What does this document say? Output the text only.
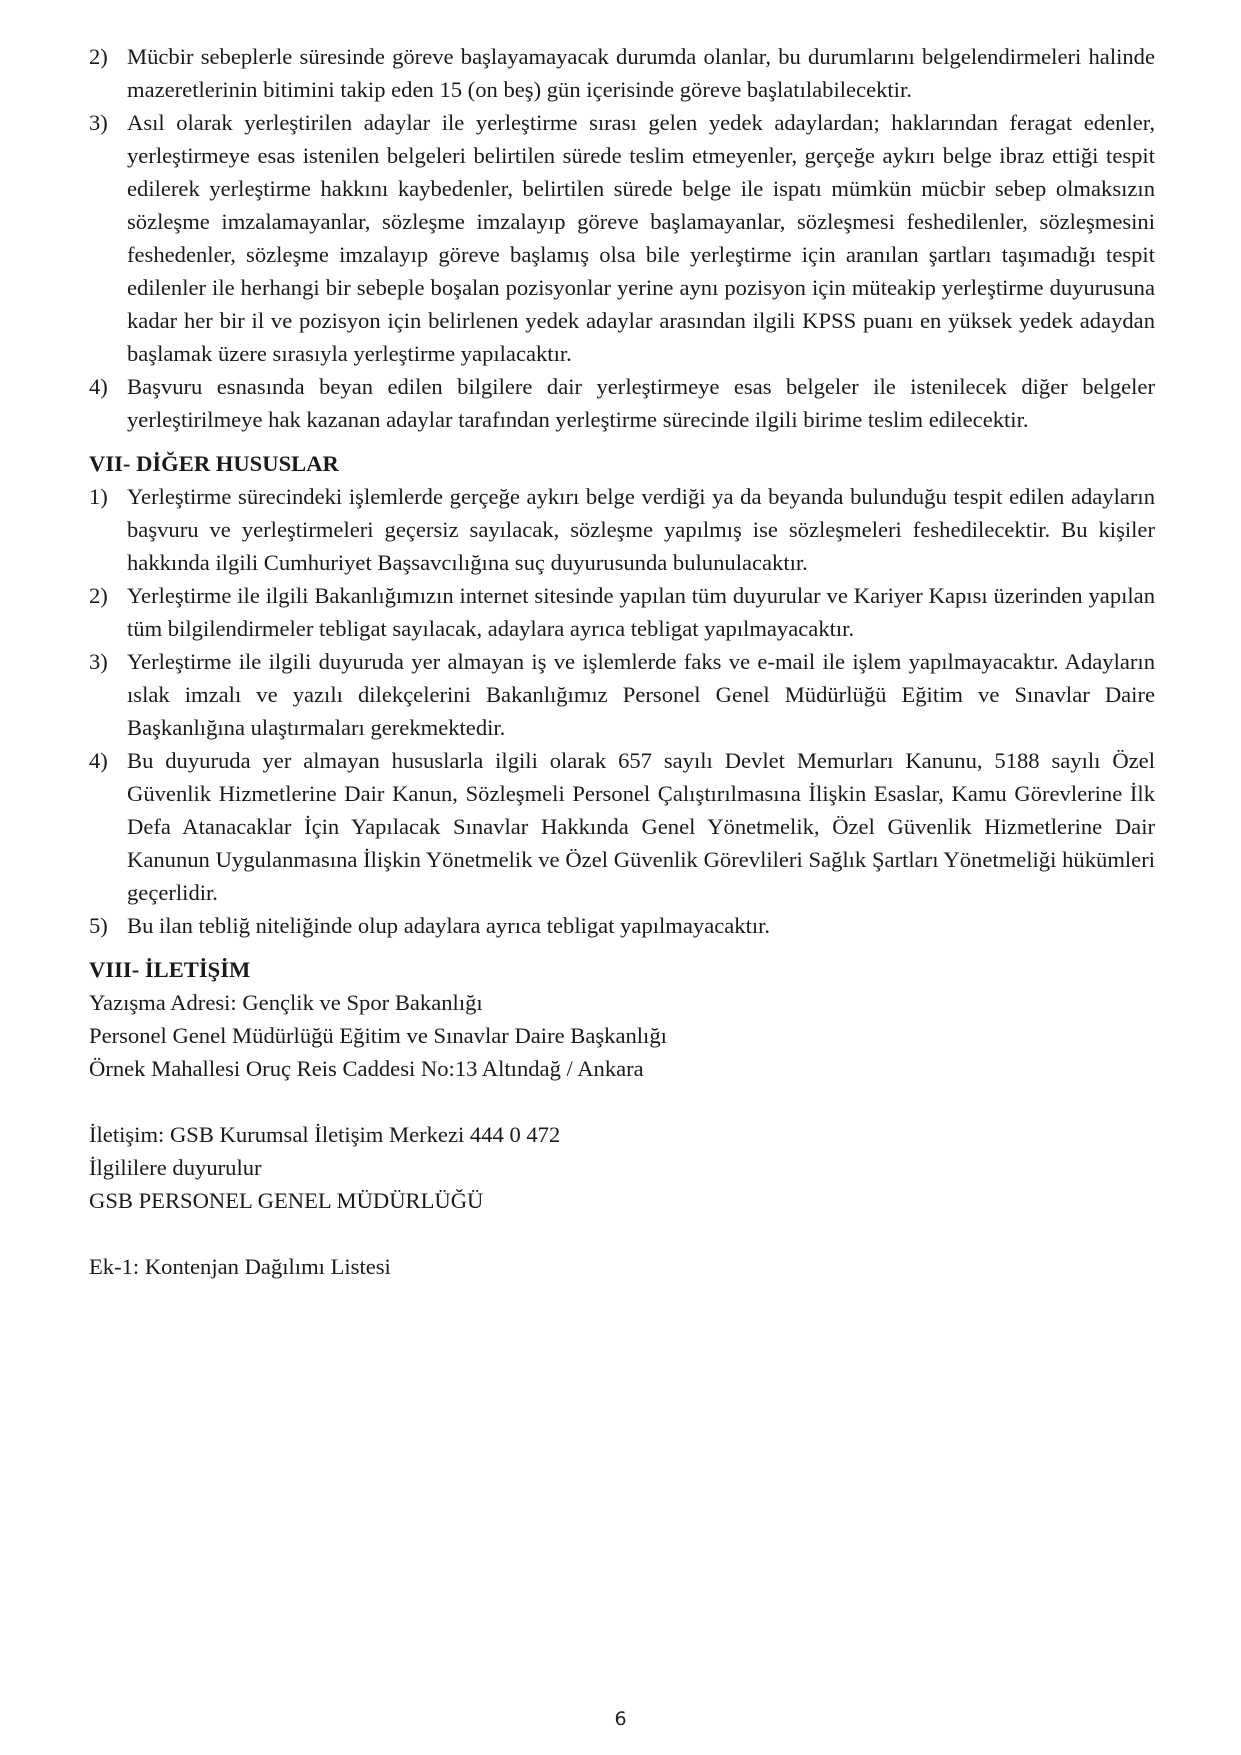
2) Mücbir sebeplerle süresinde göreve başlayamayacak durumda olanlar, bu durumlarını belgelendirmeleri halinde mazeretlerinin bitimini takip eden 15 (on beş) gün içerisinde göreve başlatılabilecektir.
3) Asıl olarak yerleştirilen adaylar ile yerleştirme sırası gelen yedek adaylardan; haklarından feragat edenler, yerleştirmeye esas istenilen belgeleri belirtilen sürede teslim etmeyenler, gerçeğe aykırı belge ibraz ettiği tespit edilerek yerleştirme hakkını kaybedenler, belirtilen sürede belge ile ispatı mümkün mücbir sebep olmaksızın sözleşme imzalamayanlar, sözleşme imzalayıp göreve başlamayanlar, sözleşmesi feshedilenler, sözleşmesini feshedenler, sözleşme imzalayıp göreve başlamış olsa bile yerleştirme için aranılan şartları taşımadığı tespit edilenler ile herhangi bir sebeple boşalan pozisyonlar yerine aynı pozisyon için müteakip yerleştirme duyurusuna kadar her bir il ve pozisyon için belirlenen yedek adaylar arasından ilgili KPSS puanı en yüksek yedek adaydan başlamak üzere sırasıyla yerleştirme yapılacaktır.
4) Başvuru esnasında beyan edilen bilgilere dair yerleştirmeye esas belgeler ile istenilecek diğer belgeler yerleştirilmeye hak kazanan adaylar tarafından yerleştirme sürecinde ilgili birime teslim edilecektir.
VII- DİĞER HUSUSLAR
1) Yerleştirme sürecindeki işlemlerde gerçeğe aykırı belge verdiği ya da beyanda bulunduğu tespit edilen adayların başvuru ve yerleştirmeleri geçersiz sayılacak, sözleşme yapılmış ise sözleşmeleri feshedilecektir. Bu kişiler hakkında ilgili Cumhuriyet Başsavcılığına suç duyurusunda bulunulacaktır.
2) Yerleştirme ile ilgili Bakanlığımızın internet sitesinde yapılan tüm duyurular ve Kariyer Kapısı üzerinden yapılan tüm bilgilendirmeler tebligat sayılacak, adaylara ayrıca tebligat yapılmayacaktır.
3) Yerleştirme ile ilgili duyuruda yer almayan iş ve işlemlerde faks ve e-mail ile işlem yapılmayacaktır. Adayların ıslak imzalı ve yazılı dilekçelerini Bakanlığımız Personel Genel Müdürlüğü Eğitim ve Sınavlar Daire Başkanlığına ulaştırmaları gerekmektedir.
4) Bu duyuruda yer almayan hususlarla ilgili olarak 657 sayılı Devlet Memurları Kanunu, 5188 sayılı Özel Güvenlik Hizmetlerine Dair Kanun, Sözleşmeli Personel Çalıştırılmasına İlişkin Esaslar, Kamu Görevlerine İlk Defa Atanacaklar İçin Yapılacak Sınavlar Hakkında Genel Yönetmelik, Özel Güvenlik Hizmetlerine Dair Kanunun Uygulanmasına İlişkin Yönetmelik ve Özel Güvenlik Görevlileri Sağlık Şartları Yönetmeliği hükümleri geçerlidir.
5) Bu ilan tebliğ niteliğinde olup adaylara ayrıca tebligat yapılmayacaktır.
VIII- İLETİŞİM
Yazışma Adresi: Gençlik ve Spor Bakanlığı
Personel Genel Müdürlüğü Eğitim ve Sınavlar Daire Başkanlığı
Örnek Mahallesi Oruç Reis Caddesi No:13 Altındağ / Ankara
İletişim: GSB Kurumsal İletişim Merkezi 444 0 472
İlgililere duyurulur
GSB PERSONEL GENEL MÜDÜRLÜĞÜ
Ek-1: Kontenjan Dağılımı Listesi
6
